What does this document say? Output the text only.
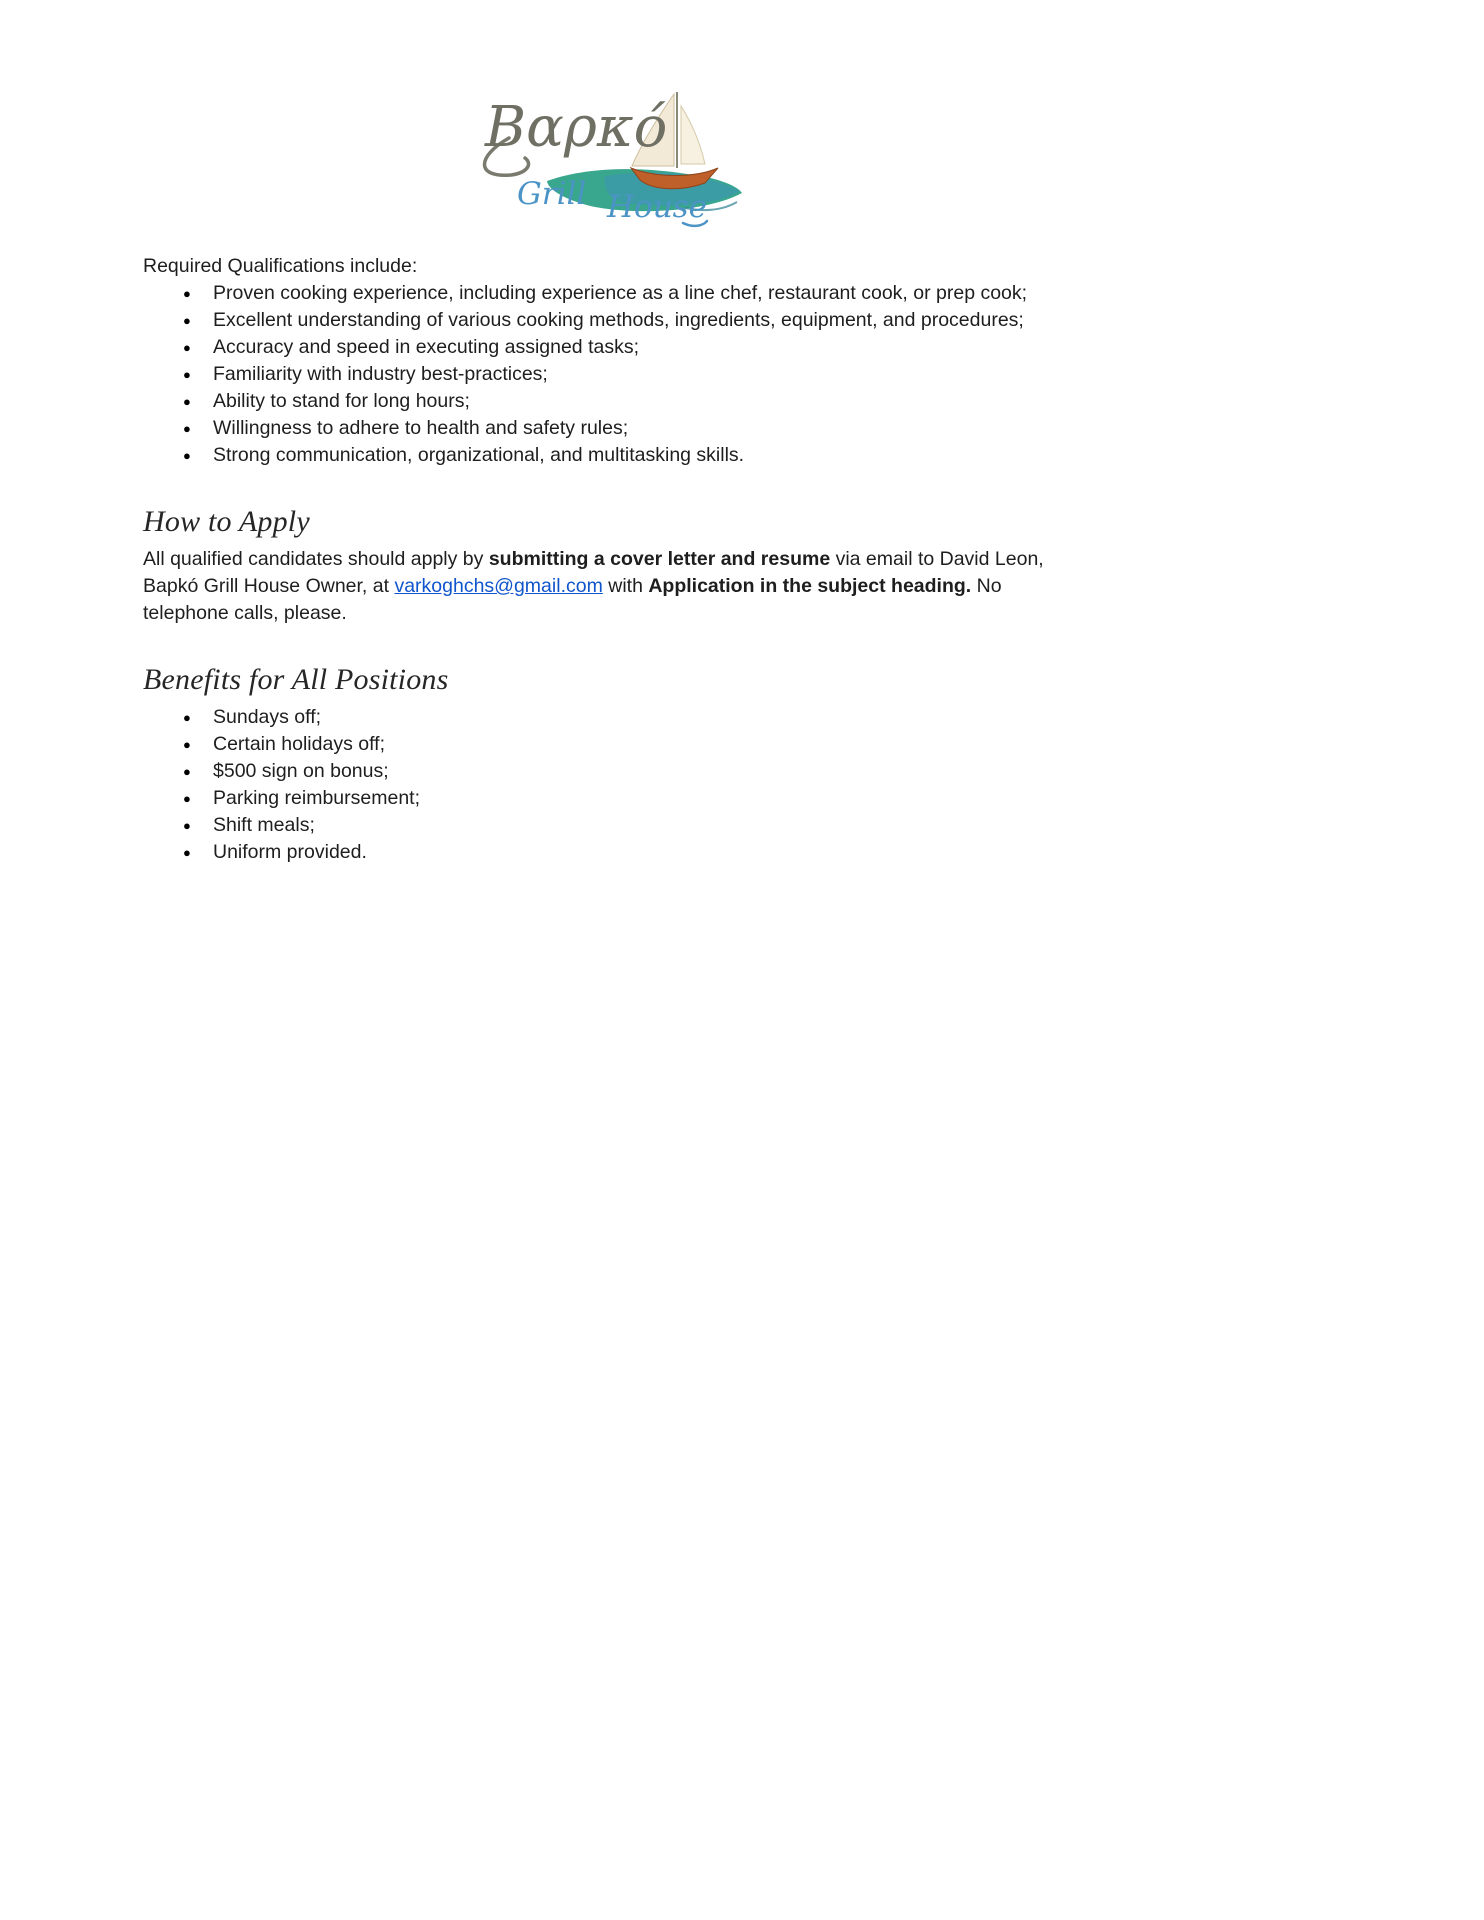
Βαρκό
Grill House
Required Qualifications include:
● Proven cooking experience, including experience as a line chef, restaurant cook, or prep cook;
● Excellent understanding of various cooking methods, ingredients, equipment, and procedures;
● Accuracy and speed in executing assigned tasks;
● Familiarity with industry best-practices;
● Ability to stand for long hours;
● Willingness to adhere to health and safety rules;
● Strong communication, organizational, and multitasking skills.
How to Apply
All qualified candidates should apply by submitting a cover letter and resume via email to David Leon,
Bapkó Grill House Owner, at varkoghchs@gmail.com with Application in the subject heading. No
telephone calls, please.
Benefits for All Positions
● Sundays off;
● Certain holidays off;
● $500 sign on bonus;
● Parking reimbursement;
● Shift meals;
● Uniform provided.
